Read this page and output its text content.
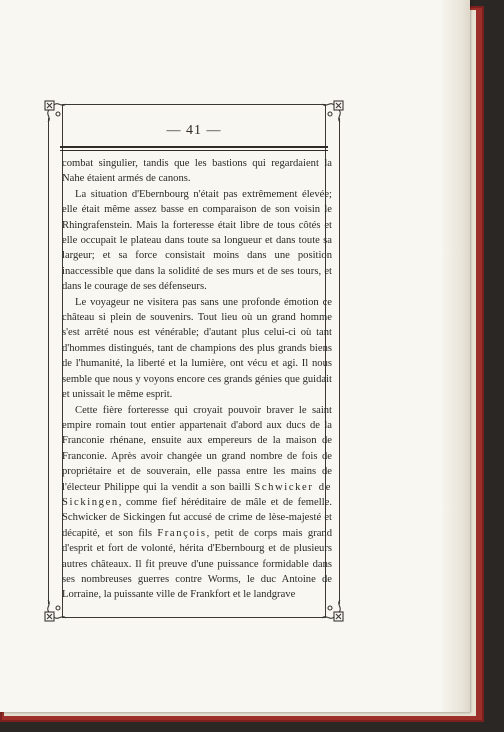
— 41 —

combat singulier, tandis que les bastions qui regardaient la Nahe étaient armés de canons.

La situation d'Ebernbourg n'était pas extrêmement élevée; elle était même assez basse en comparaison de son voisin le Rhingrafenstein. Mais la forteresse était libre de tous côtés et elle occupait le plateau dans toute sa longueur et dans toute sa largeur; et sa force consistait moins dans une position inaccessible que dans la solidité de ses murs et de ses tours, et dans le courage de ses défenseurs.

Le voyageur ne visitera pas sans une profonde émotion ce château si plein de souvenirs. Tout lieu où un grand homme s'est arrêté nous est vénérable; d'autant plus celui-ci où tant d'hommes distingués, tant de champions des plus grands biens de l'humanité, la liberté et la lumière, ont vécu et agi. Il nous semble que nous y voyons encore ces grands génies que guidait et unissait le même esprit.

Cette fière forteresse qui croyait pouvoir braver le saint empire romain tout entier appartenait d'abord aux ducs de la Franconie rhénane, ensuite aux empereurs de la maison de Franconie. Après avoir changée un grand nombre de fois de propriétaire et de souverain, elle passa entre les mains de l'électeur Philippe qui la vendit a son bailli Schwicker de Sickingen, comme fief héréditaire de mâle et de femelle. Schwicker de Sickingen fut accusé de crime de lèse-majesté et décapité, et son fils François, petit de corps mais grand d'esprit et fort de volonté, hérita d'Ebernbourg et de plusieurs autres châteaux. Il fit preuve d'une puissance formidable dans ses nombreuses guerres contre Worms, le duc Antoine de Lorraine, la puissante ville de Frankfort et le landgrave
